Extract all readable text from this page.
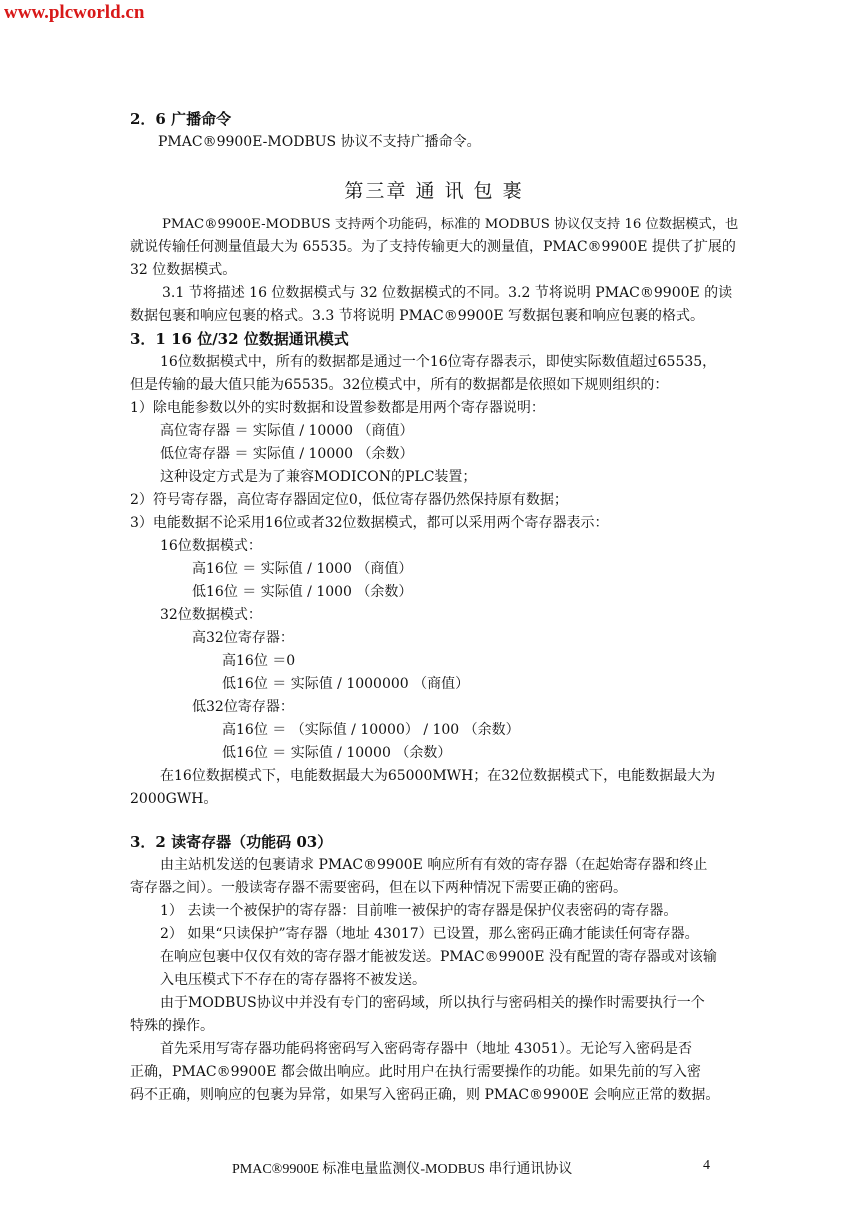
www.plcworld.cn

2．6 广播命令

PMAC®9900E-MODBUS 协议不支持广播命令。

第三章 通 讯 包 裹

PMAC®9900E-MODBUS 支持两个功能码，标准的 MODBUS 协议仅支持 16 位数据模式，也

就说传输任何测量值最大为 65535。为了支持传输更大的测量值，PMAC®9900E 提供了扩展的

32 位数据模式。

3.1 节将描述 16 位数据模式与 32 位数据模式的不同。3.2 节将说明 PMAC®9900E 的读

数据包裹和响应包裹的格式。3.3 节将说明 PMAC®9900E 写数据包裹和响应包裹的格式。

3．1 16 位/32 位数据通讯模式

16位数据模式中，所有的数据都是通过一个16位寄存器表示，即使实际数值超过65535，

但是传输的最大值只能为65535。32位模式中，所有的数据都是依照如下规则组织的：

1）除电能参数以外的实时数据和设置参数都是用两个寄存器说明：

高位寄存器 ＝ 实际值 / 10000 （商值）

低位寄存器 ＝ 实际值 / 10000 （余数）

这种设定方式是为了兼容MODICON的PLC装置；

2）符号寄存器，高位寄存器固定位0，低位寄存器仍然保持原有数据；

3）电能数据不论采用16位或者32位数据模式，都可以采用两个寄存器表示：

16位数据模式：

高16位 ＝ 实际值 / 1000 （商值）

低16位 ＝ 实际值 / 1000 （余数）

32位数据模式：

高32位寄存器：

高16位 ＝0

低16位 ＝ 实际值 / 1000000 （商值）

低32位寄存器：

高16位 ＝ （实际值 / 10000） / 100 （余数）

低16位 ＝ 实际值 / 10000 （余数）

在16位数据模式下，电能数据最大为65000MWH；在32位数据模式下，电能数据最大为

2000GWH。

3．2 读寄存器（功能码 03）

由主站机发送的包裹请求 PMAC®9900E 响应所有有效的寄存器（在起始寄存器和终止

寄存器之间）。一般读寄存器不需要密码，但在以下两种情况下需要正确的密码。

1） 去读一个被保护的寄存器：目前唯一被保护的寄存器是保护仪表密码的寄存器。

2） 如果“只读保护”寄存器（地址 43017）已设置，那么密码正确才能读任何寄存器。

在响应包裹中仅仅有效的寄存器才能被发送。PMAC®9900E 没有配置的寄存器或对该输

入电压模式下不存在的寄存器将不被发送。

由于MODBUS协议中并没有专门的密码域，所以执行与密码相关的操作时需要执行一个

特殊的操作。

首先采用写寄存器功能码将密码写入密码寄存器中（地址 43051）。无论写入密码是否

正确，PMAC®9900E 都会做出响应。此时用户在执行需要操作的功能。如果先前的写入密

码不正确，则响应的包裹为异常，如果写入密码正确，则 PMAC®9900E 会响应正常的数据。

PMAC®9900E 标准电量监测仪-MODBUS 串行通讯协议	4
